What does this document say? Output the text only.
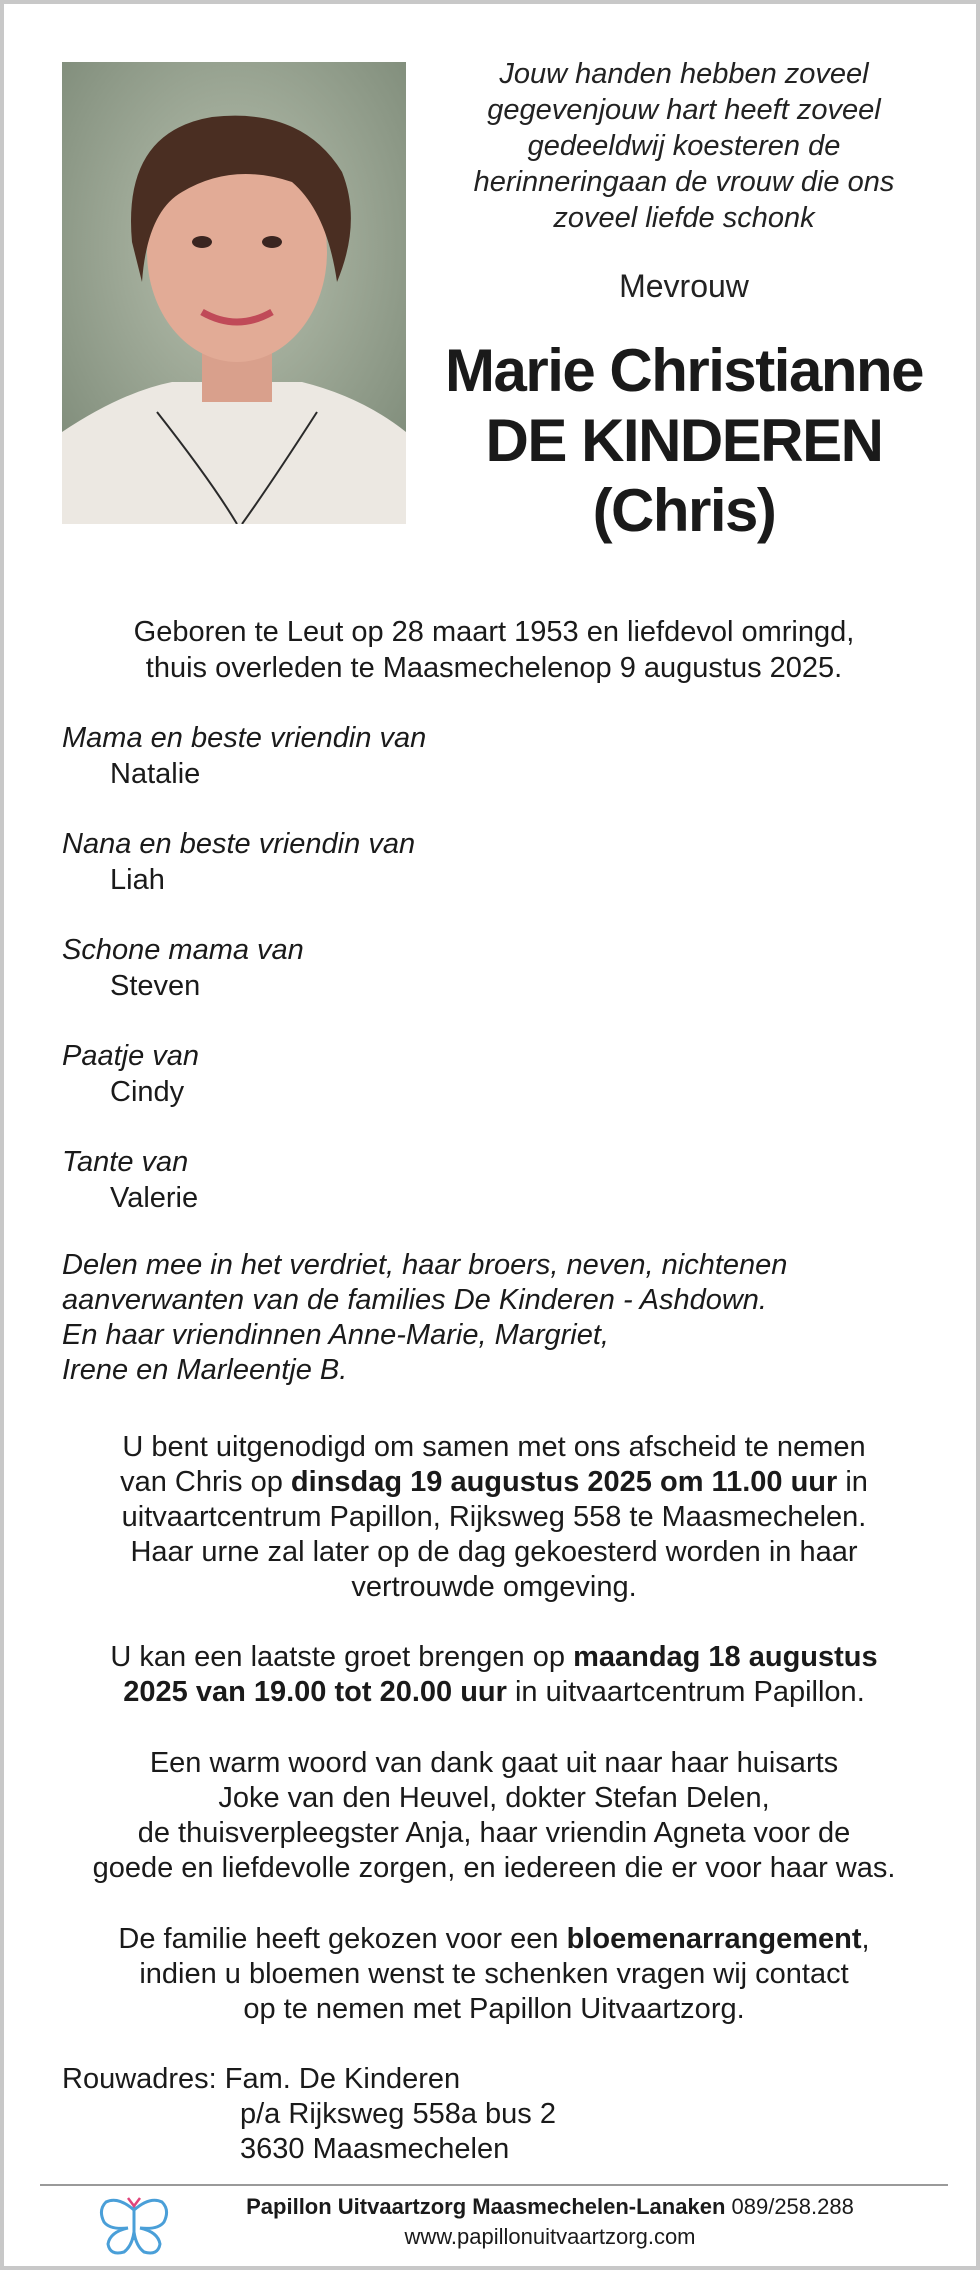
Jouw handen hebben zoveel
gegevenjouw hart heeft zoveel
gedeeldwij koesteren de
herinneringaan de vrouw die ons
zoveel liefde schonk
Mevrouw
Marie Christianne
DE KINDEREN
(Chris)
Geboren te Leut op 28 maart 1953 en liefdevol omringd,
thuis overleden te Maasmechelenop 9 augustus 2025.
Mama en beste vriendin van
Natalie
Nana en beste vriendin van
Liah
Schone mama van
Steven
Paatje van
Cindy
Tante van
Valerie
Delen mee in het verdriet, haar broers, neven, nichtenen
aanverwanten van de families De Kinderen - Ashdown.
En haar vriendinnen Anne-Marie, Margriet,
Irene en Marleentje B.
U bent uitgenodigd om samen met ons afscheid te nemen
van Chris op dinsdag 19 augustus 2025 om 11.00 uur in
uitvaartcentrum Papillon, Rijksweg 558 te Maasmechelen.
Haar urne zal later op de dag gekoesterd worden in haar
vertrouwde omgeving.
U kan een laatste groet brengen op maandag 18 augustus
2025 van 19.00 tot 20.00 uur in uitvaartcentrum Papillon.
Een warm woord van dank gaat uit naar haar huisarts
Joke van den Heuvel, dokter Stefan Delen,
de thuisverpleegster Anja, haar vriendin Agneta voor de
goede en liefdevolle zorgen, en iedereen die er voor haar was.
De familie heeft gekozen voor een bloemenarrangement,
indien u bloemen wenst te schenken vragen wij contact
op te nemen met Papillon Uitvaartzorg.
Rouwadres: Fam. De Kinderen
p/a Rijksweg 558a bus 2
3630 Maasmechelen
Papillon Uitvaartzorg Maasmechelen-Lanaken 089/258.288
www.papillonuitvaartzorg.com
